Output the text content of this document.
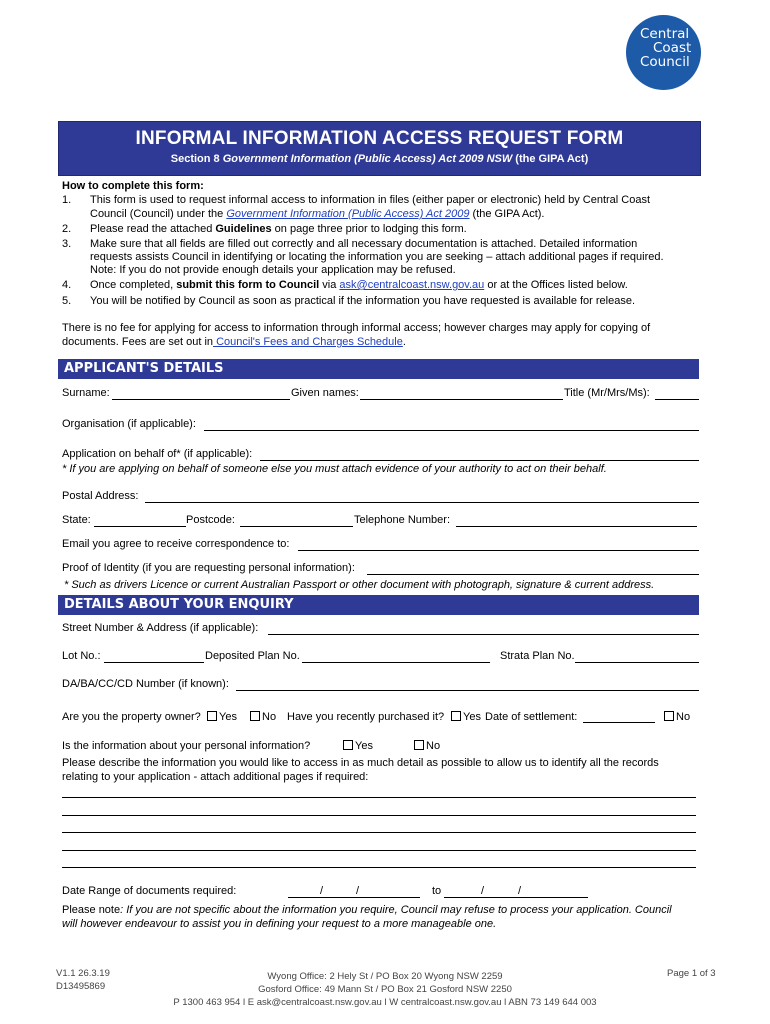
Central
Coast
Council
INFORMAL INFORMATION ACCESS REQUEST FORM
Section 8 Government Information (Public Access) Act 2009 NSW (the GIPA Act)
How to complete this form:
1. This form is used to request informal access to information in files (either paper or electronic) held by Central Coast
Council (Council) under the Government Information (Public Access) Act 2009 (the GIPA Act).
2. Please read the attached Guidelines on page three prior to lodging this form.
3. Make sure that all fields are filled out correctly and all necessary documentation is attached. Detailed information
requests assists Council in identifying or locating the information you are seeking – attach additional pages if required.
Note: If you do not provide enough details your application may be refused.
4. Once completed, submit this form to Council via ask@centralcoast.nsw.gov.au or at the Offices listed below.
5. You will be notified by Council as soon as practical if the information you have requested is available for release.
There is no fee for applying for access to information through informal access; however charges may apply for copying of
documents. Fees are set out in Council's Fees and Charges Schedule.
APPLICANT'S DETAILS
Surname:	Given names:	Title (Mr/Mrs/Ms):
Organisation (if applicable):
Application on behalf of* (if applicable):
* If you are applying on behalf of someone else you must attach evidence of your authority to act on their behalf.
Postal Address:
State:	Postcode:	Telephone Number:
Email you agree to receive correspondence to:
Proof of Identity (if you are requesting personal information):
* Such as drivers Licence or current Australian Passport or other document with photograph, signature & current address.
DETAILS ABOUT YOUR ENQUIRY
Street Number & Address (if applicable):
Lot No.:	Deposited Plan No.	Strata Plan No.
DA/BA/CC/CD Number (if known):
Are you the property owner?	Yes	No Have you recently purchased it?	Yes Date of settlement:	No
Is the information about your personal information?	Yes	No
Please describe the information you would like to access in as much detail as possible to allow us to identify all the records
relating to your application - attach additional pages if required:
Date Range of documents required:	/	/	to	/	/
Please note: If you are not specific about the information you require, Council may refuse to process your application. Council
will however endeavour to assist you in defining your request to a more manageable one.
V1.1 26.3.19
D13495869
Wyong Office: 2 Hely St / PO Box 20 Wyong NSW 2259
Gosford Office: 49 Mann St / PO Box 21 Gosford NSW 2250
P 1300 463 954 l E ask@centralcoast.nsw.gov.au l W centralcoast.nsw.gov.au l ABN 73 149 644 003
Page 1 of 3
